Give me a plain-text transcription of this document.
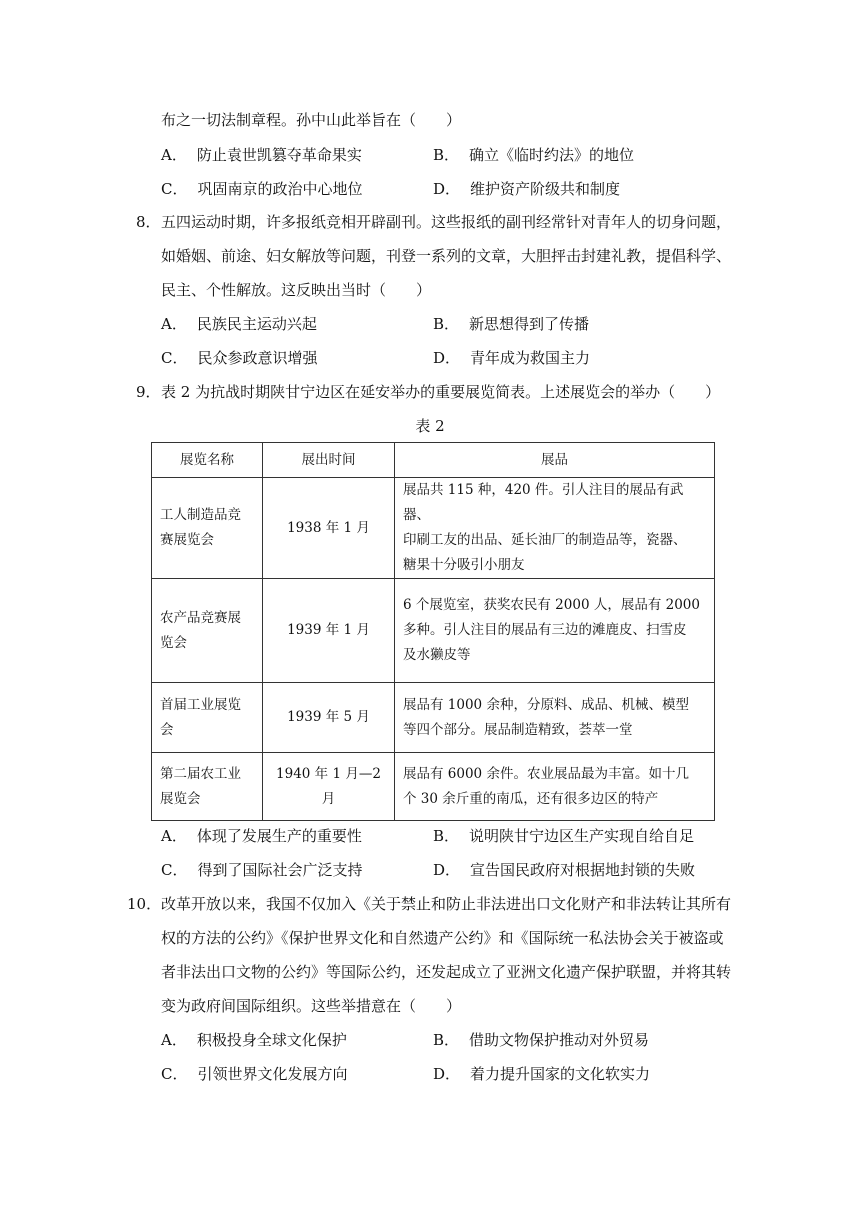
布之一切法制章程。孙中山此举旨在（　　）
A． 防止袁世凯篡夺革命果实	B． 确立《临时约法》的地位
C． 巩固南京的政治中心地位	D． 维护资产阶级共和制度
8． 五四运动时期，许多报纸竞相开辟副刊。这些报纸的副刊经常针对青年人的切身问题，
如婚姻、前途、妇女解放等问题，刊登一系列的文章，大胆抨击封建礼教，提倡科学、
民主、个性解放。这反映出当时（　　）
A． 民族民主运动兴起	B． 新思想得到了传播
C． 民众参政意识增强	D． 青年成为救国主力
9． 表 2 为抗战时期陕甘宁边区在延安举办的重要展览简表。上述展览会的举办（　　）
表 2
展览名称	展出时间	展品
工人制造品竞
赛展览会	1938 年 1 月	展品共 115 种，420 件。引人注目的展品有武器、
印刷工友的出品、延长油厂的制造品等，瓷器、
糖果十分吸引小朋友
农产品竞赛展
览会	1939 年 1 月	6 个展览室，获奖农民有 2000 人，展品有 2000
多种。引人注目的展品有三边的滩鹿皮、扫雪皮
及水獭皮等
首届工业展览
会	1939 年 5 月	展品有 1000 余种，分原料、成品、机械、模型
等四个部分。展品制造精致，荟萃一堂
第二届农工业
展览会	1940 年 1 月—2 月	展品有 6000 余件。农业展品最为丰富。如十几
个 30 余斤重的南瓜，还有很多边区的特产
A． 体现了发展生产的重要性	B． 说明陕甘宁边区生产实现自给自足
C． 得到了国际社会广泛支持	D． 宣告国民政府对根据地封锁的失败
10． 改革开放以来，我国不仅加入《关于禁止和防止非法进出口文化财产和非法转让其所有
权的方法的公约》《保护世界文化和自然遗产公约》和《国际统一私法协会关于被盗或
者非法出口文物的公约》等国际公约，还发起成立了亚洲文化遗产保护联盟，并将其转
变为政府间国际组织。这些举措意在（　　）
A． 积极投身全球文化保护	B． 借助文物保护推动对外贸易
C． 引领世界文化发展方向	D． 着力提升国家的文化软实力
